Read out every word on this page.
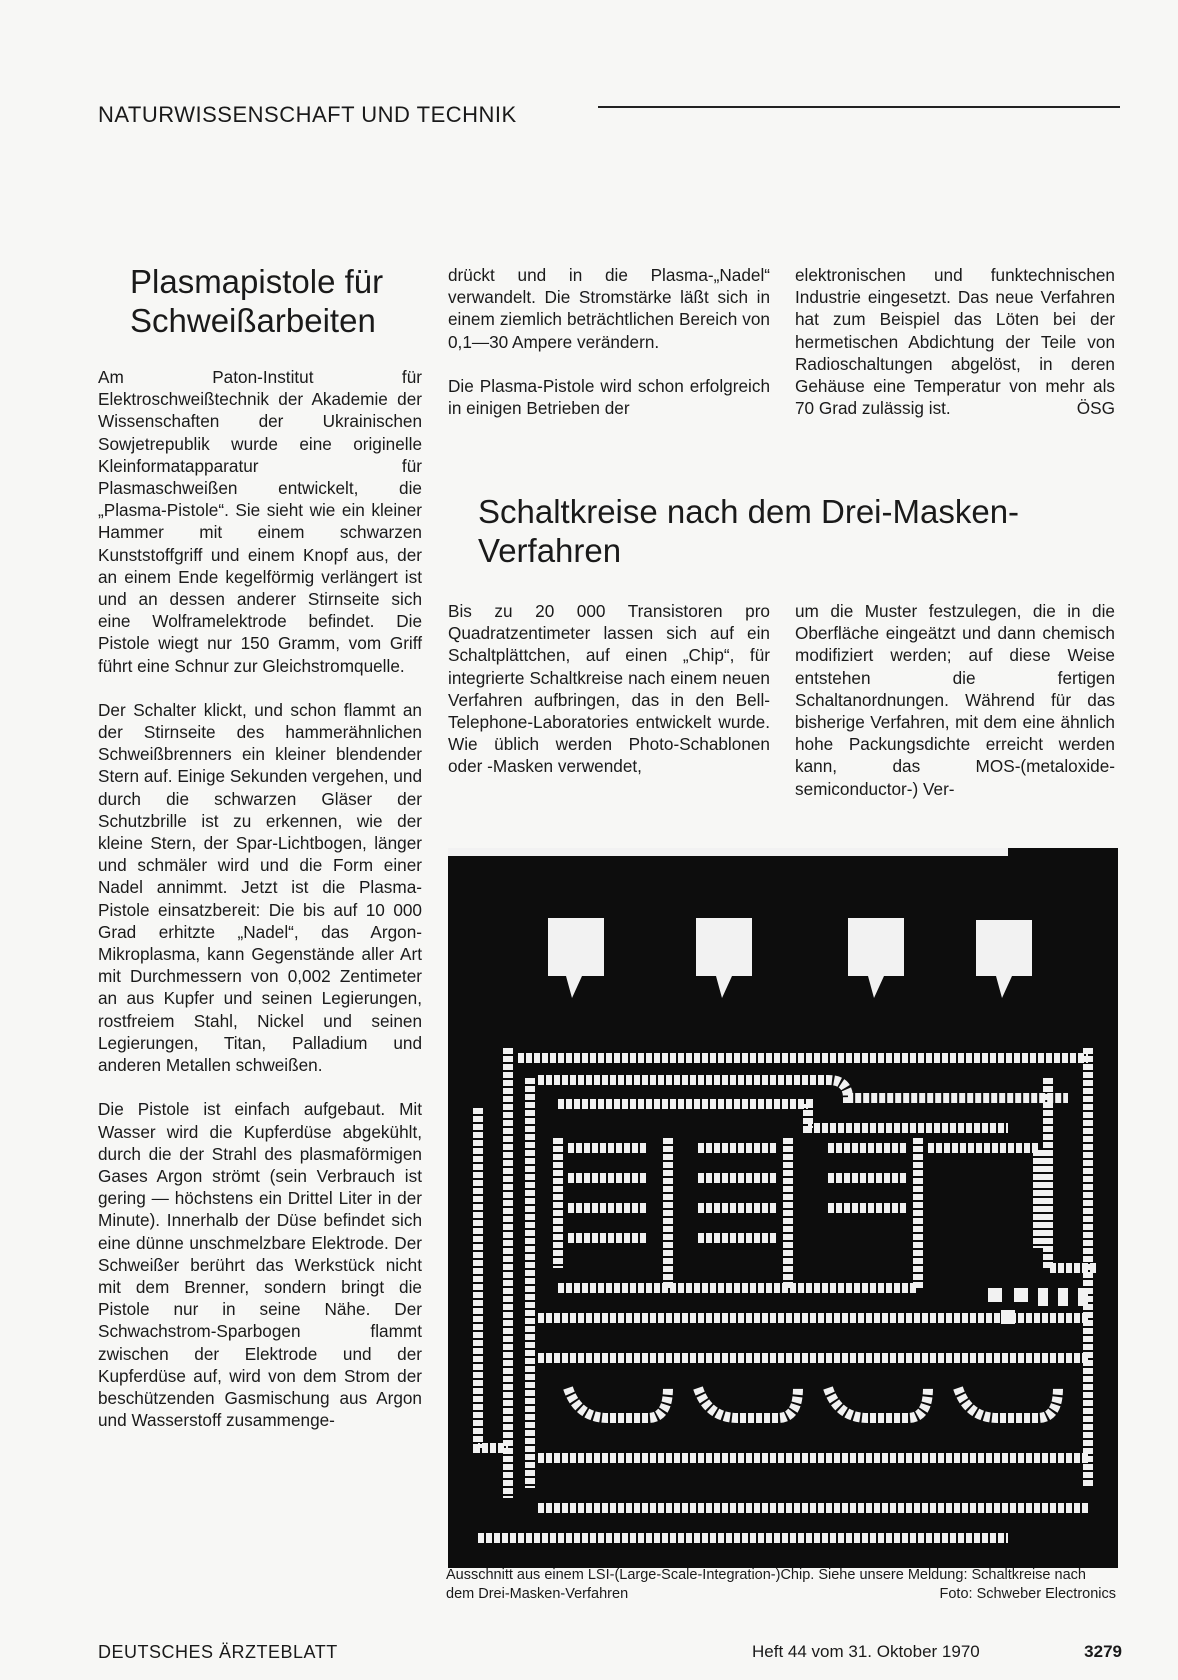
NATURWISSENSCHAFT UND TECHNIK
Plasmapistole für Schweißarbeiten

Am Paton-Institut für Elektroschweißtechnik der Akademie der Wissenschaften der Ukrainischen Sowjetrepublik wurde eine originelle Kleinformatapparatur für Plasmaschweißen entwickelt, die „Plasma-Pistole“. Sie sieht wie ein kleiner Hammer mit einem schwarzen Kunststoffgriff und einem Knopf aus, der an einem Ende kegelförmig verlängert ist und an dessen anderer Stirnseite sich eine Wolframelektrode befindet. Die Pistole wiegt nur 150 Gramm, vom Griff führt eine Schnur zur Gleichstromquelle.

Der Schalter klickt, und schon flammt an der Stirnseite des hammerähnlichen Schweißbrenners ein kleiner blendender Stern auf. Einige Sekunden vergehen, und durch die schwarzen Gläser der Schutzbrille ist zu erkennen, wie der kleine Stern, der Spar-Lichtbogen, länger und schmäler wird und die Form einer Nadel annimmt. Jetzt ist die Plasma-Pistole einsatzbereit: Die bis auf 10 000 Grad erhitzte „Nadel“, das Argon-Mikroplasma, kann Gegenstände aller Art mit Durchmessern von 0,002 Zentimeter an aus Kupfer und seinen Legierungen, rostfreiem Stahl, Nickel und seinen Legierungen, Titan, Palladium und anderen Metallen schweißen.

Die Pistole ist einfach aufgebaut. Mit Wasser wird die Kupferdüse abgekühlt, durch die der Strahl des plasmaförmigen Gases Argon strömt (sein Verbrauch ist gering — höchstens ein Drittel Liter in der Minute). Innerhalb der Düse befindet sich eine dünne unschmelzbare Elektrode. Der Schweißer berührt das Werkstück nicht mit dem Brenner, sondern bringt die Pistole nur in seine Nähe. Der Schwachstrom-Sparbogen flammt zwischen der Elektrode und der Kupferdüse auf, wird von dem Strom der beschützenden Gasmischung aus Argon und Wasserstoff zusammenge-

drückt und in die Plasma-„Nadel“ verwandelt. Die Stromstärke läßt sich in einem ziemlich beträchtlichen Bereich von 0,1—30 Ampere verändern.

Die Plasma-Pistole wird schon erfolgreich in einigen Betrieben der

elektronischen und funktechnischen Industrie eingesetzt. Das neue Verfahren hat zum Beispiel das Löten bei der hermetischen Abdichtung der Teile von Radioschaltungen abgelöst, in deren Gehäuse eine Temperatur von mehr als 70 Grad zulässig ist.	ÖSG

Schaltkreise nach dem Drei-Masken-Verfahren

Bis zu 20 000 Transistoren pro Quadratzentimeter lassen sich auf ein Schaltplättchen, auf einen „Chip“, für integrierte Schaltkreise nach einem neuen Verfahren aufbringen, das in den Bell-Telephone-Laboratories entwickelt wurde. Wie üblich werden Photo-Schablonen oder -Masken verwendet,

um die Muster festzulegen, die in die Oberfläche eingeätzt und dann chemisch modifiziert werden; auf diese Weise entstehen die fertigen Schaltanordnungen. Während für das bisherige Verfahren, mit dem eine ähnlich hohe Packungsdichte erreicht werden kann, das MOS-(metaloxide-semiconductor-) Ver-

Ausschnitt aus einem LSI-(Large-Scale-Integration-)Chip. Siehe unsere Meldung: Schaltkreise nach dem Drei-Masken-Verfahren	Foto: Schweber Electronics
DEUTSCHES ÄRZTEBLATT	Heft 44 vom 31. Oktober 1970	3279
